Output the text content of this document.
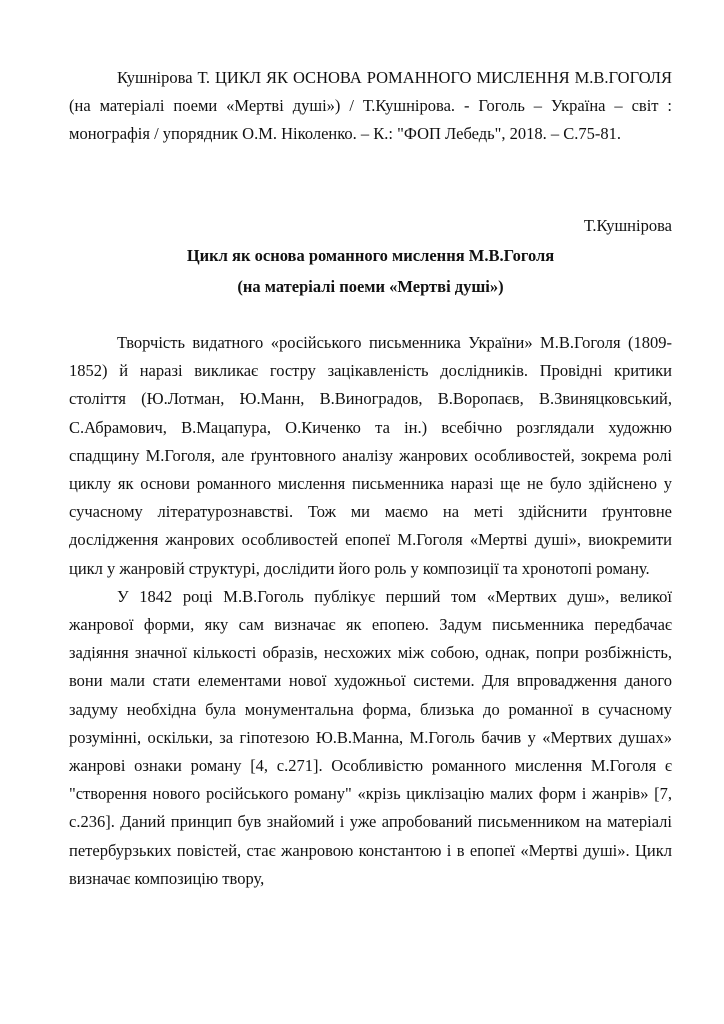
Кушнірова Т. ЦИКЛ ЯК ОСНОВА РОМАННОГО МИСЛЕННЯ М.В.ГОГОЛЯ (на матеріалі поеми «Мертві душі») / Т.Кушнірова. - Гоголь – Україна – світ : монографія / упорядник О.М. Ніколенко. – К.: "ФОП Лебедь", 2018. – С.75-81.
Т.Кушнірова
Цикл як основа романного мислення М.В.Гоголя
(на матеріалі поеми «Мертві душі»)

Творчість видатного «російського письменника України» М.В.Гоголя (1809-1852) й наразі викликає гостру зацікавленість дослідників. Провідні критики століття (Ю.Лотман, Ю.Манн, В.Виноградов, В.Воропаєв, В.Звиняцковський, С.Абрамович, В.Мацапура, О.Киченко та ін.) всебічно розглядали художню спадщину М.Гоголя, але ґрунтовного аналізу жанрових особливостей, зокрема ролі циклу як основи романного мислення письменника наразі ще не було здійснено у сучасному літературознавстві. Тож ми маємо на меті здійснити ґрунтовне дослідження жанрових особливостей епопеї М.Гоголя «Мертві душі», виокремити цикл у жанровій структурі, дослідити його роль у композиції та хронотопі роману.

У 1842 році М.В.Гоголь публікує перший том «Мертвих душ», великої жанрової форми, яку сам визначає як епопею. Задум письменника передбачає задіяння значної кількості образів, несхожих між собою, однак, попри розбіжність, вони мали стати елементами нової художньої системи. Для впровадження даного задуму необхідна була монументальна форма, близька до романної в сучасному розумінні, оскільки, за гіпотезою Ю.В.Манна, М.Гоголь бачив у «Мертвих душах» жанрові ознаки роману [4, с.271]. Особливістю романного мислення М.Гоголя є "створення нового російського роману" «крізь циклізацію малих форм і жанрів» [7, с.236]. Даний принцип був знайомий і уже апробований письменником на матеріалі петербурзьких повістей, стає жанровою константою і в епопеї «Мертві душі». Цикл визначає композицію твору,
